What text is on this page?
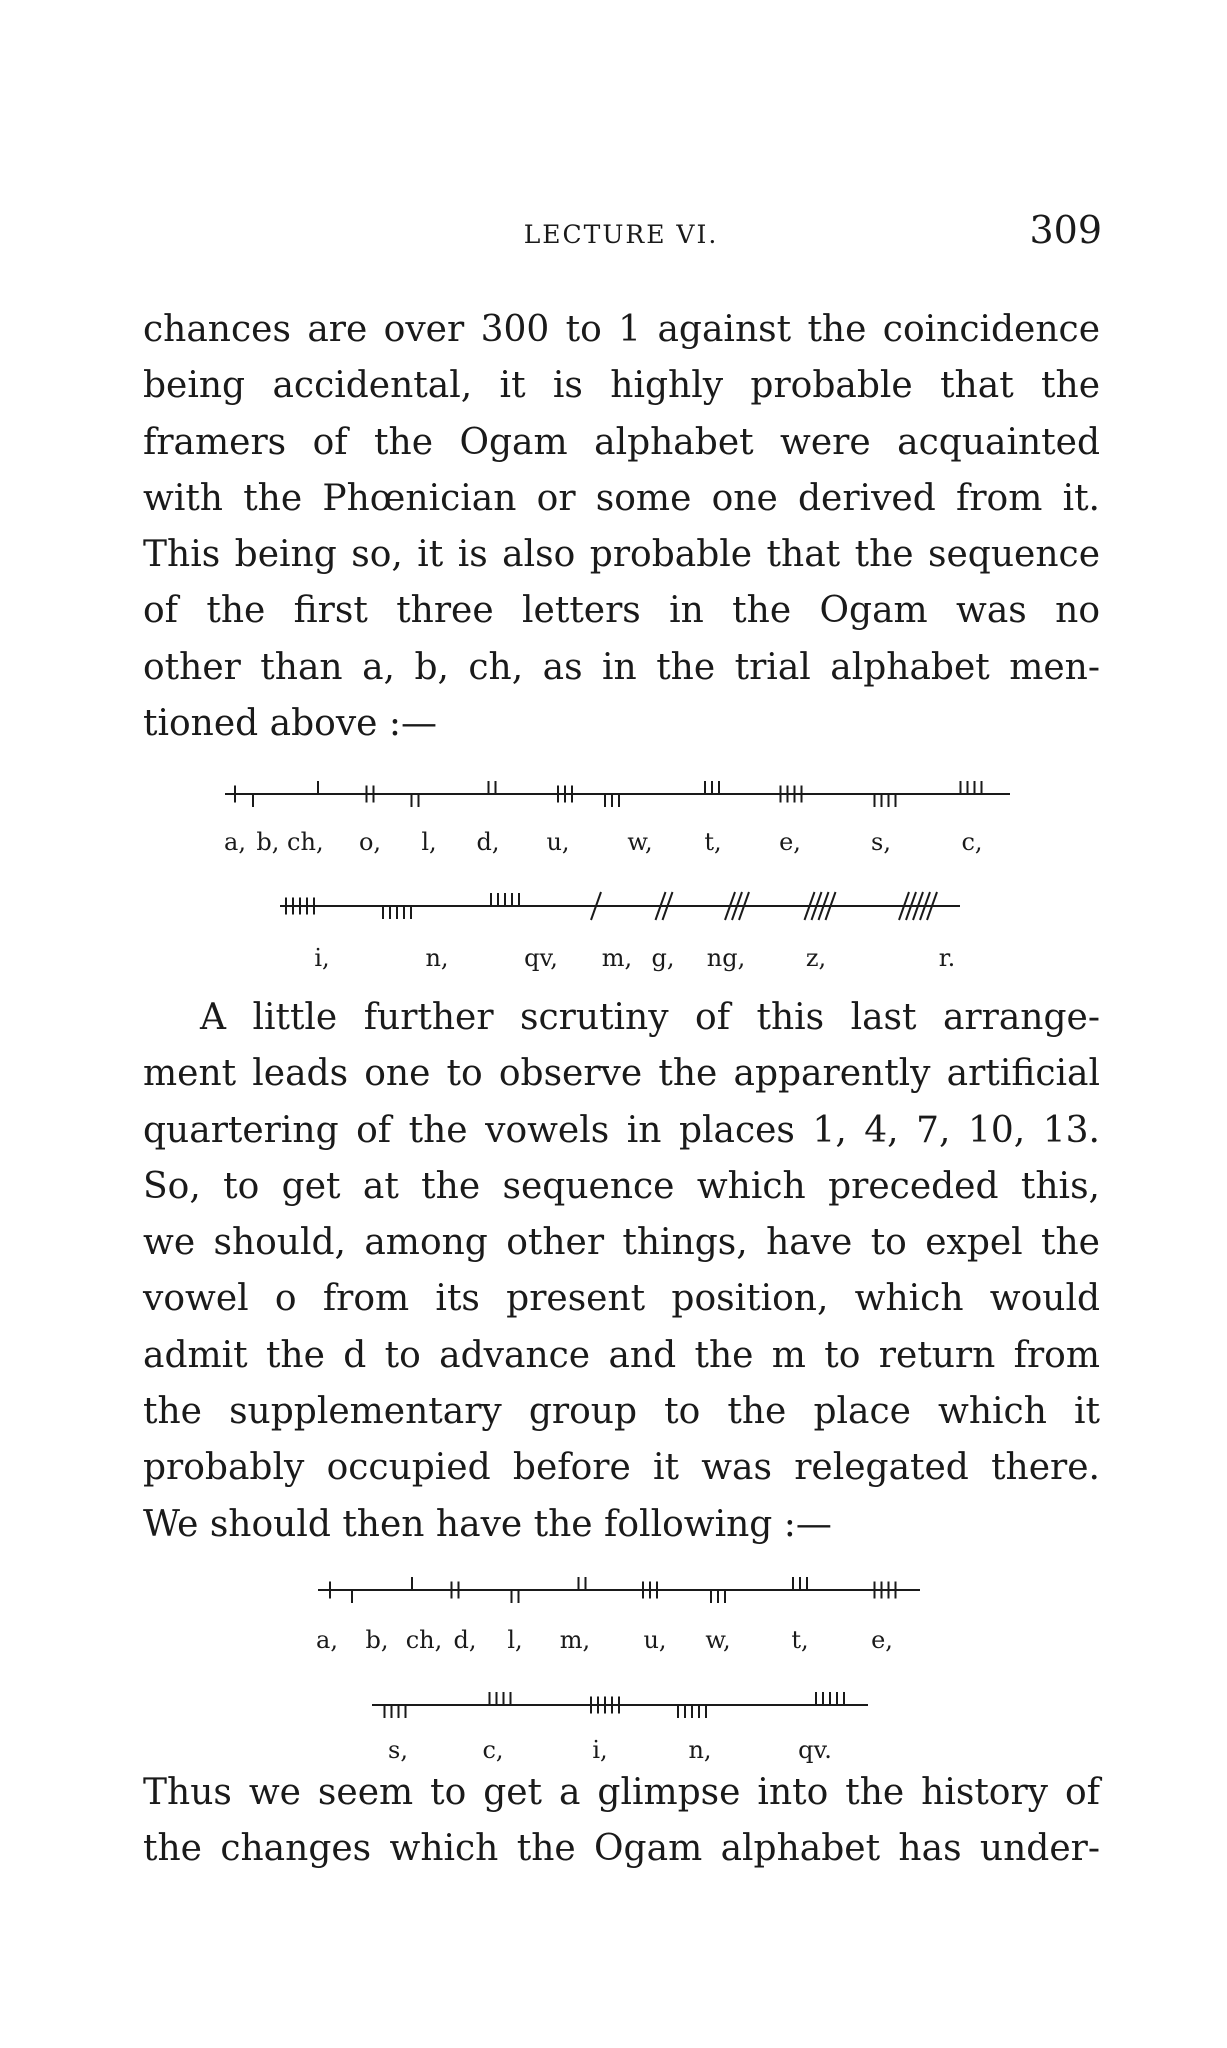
LECTURE VI.	309
chances are over 300 to 1 against the coincidence
being accidental, it is highly probable that the
framers of the Ogam alphabet were acquainted
with the Phœnician or some one derived from it.
This being so, it is also probable that the sequence
of the first three letters in the Ogam was no
other than a, b, ch, as in the trial alphabet men-
tioned above :—
a, b, ch, o, l, d, u, w, t, e,	s,	c,
i,	n,	qv, m, g, ng,	z,	r.
a, b, ch, d, l, m, u, w,	t,	e,
s,	c,	i,	n,	qv.
A little further scrutiny of this last arrange-
ment leads one to observe the apparently artificial
quartering of the vowels in places 1, 4, 7, 10, 13.
So, to get at the sequence which preceded this,
we should, among other things, have to expel the
vowel o from its present position, which would
admit the d to advance and the m to return from
the supplementary group to the place which it
probably occupied before it was relegated there.
We should then have the following :—
Thus we seem to get a glimpse into the history of
the changes which the Ogam alphabet has under-
